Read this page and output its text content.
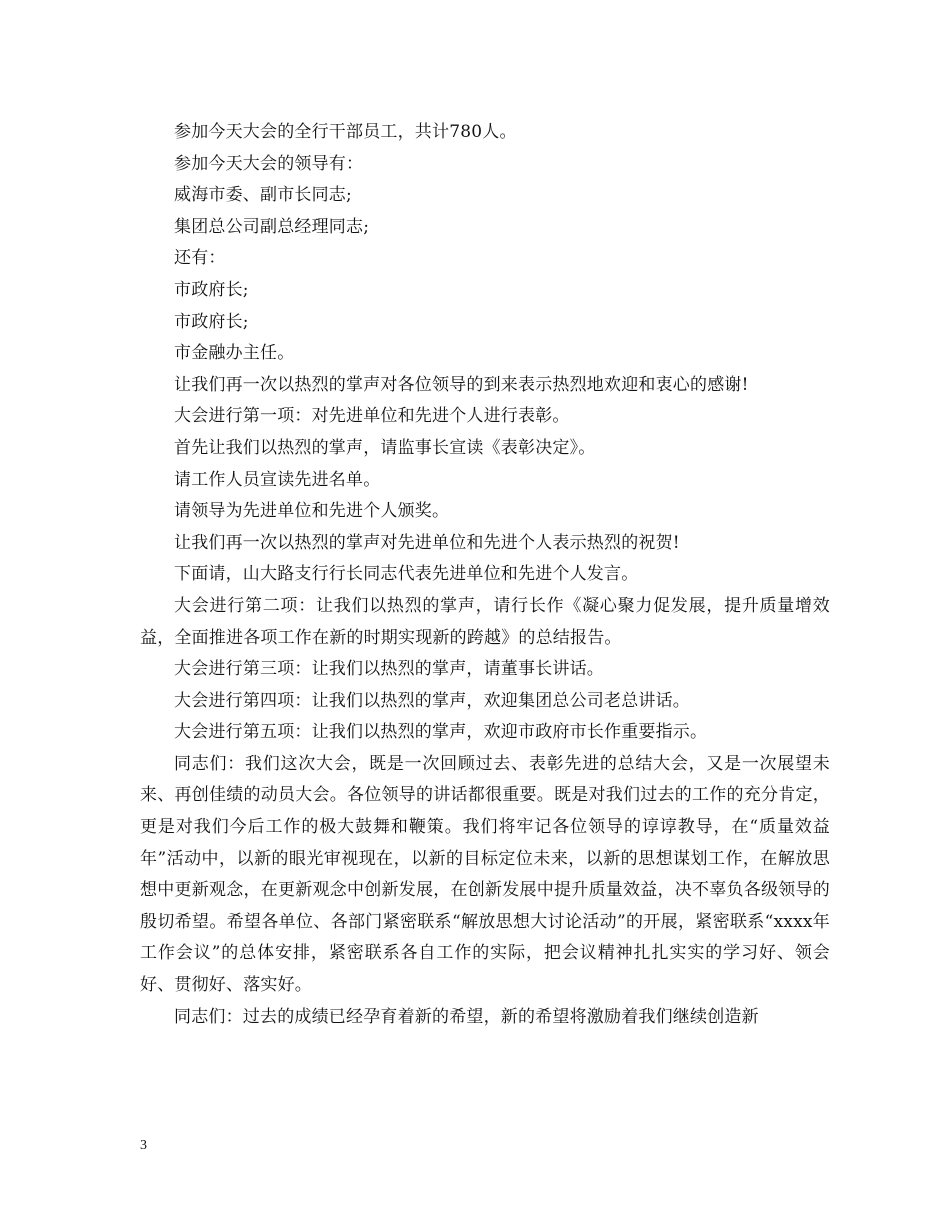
参加今天大会的全行干部员工，共计780人。

参加今天大会的领导有：

威海市委、副市长同志;

集团总公司副总经理同志;

还有：

市政府长;

市政府长;

市金融办主任。

让我们再一次以热烈的掌声对各位领导的到来表示热烈地欢迎和衷心的感谢!

大会进行第一项：对先进单位和先进个人进行表彰。

首先让我们以热烈的掌声，请监事长宣读《表彰决定》。

请工作人员宣读先进名单。

请领导为先进单位和先进个人颁奖。

让我们再一次以热烈的掌声对先进单位和先进个人表示热烈的祝贺!

下面请，山大路支行行长同志代表先进单位和先进个人发言。

大会进行第二项：让我们以热烈的掌声，请行长作《凝心聚力促发展，提升质量增效益，全面推进各项工作在新的时期实现新的跨越》的总结报告。

大会进行第三项：让我们以热烈的掌声，请董事长讲话。

大会进行第四项：让我们以热烈的掌声，欢迎集团总公司老总讲话。

大会进行第五项：让我们以热烈的掌声，欢迎市政府市长作重要指示。

同志们：我们这次大会，既是一次回顾过去、表彰先进的总结大会，又是一次展望未来、再创佳绩的动员大会。各位领导的讲话都很重要。既是对我们过去的工作的充分肯定，更是对我们今后工作的极大鼓舞和鞭策。我们将牢记各位领导的谆谆教导，在“质量效益年”活动中，以新的眼光审视现在，以新的目标定位未来，以新的思想谋划工作，在解放思想中更新观念，在更新观念中创新发展，在创新发展中提升质量效益，决不辜负各级领导的殷切希望。希望各单位、各部门紧密联系“解放思想大讨论活动”的开展，紧密联系“xxxx年工作会议”的总体安排，紧密联系各自工作的实际，把会议精神扎扎实实的学习好、领会好、贯彻好、落实好。

同志们：过去的成绩已经孕育着新的希望，新的希望将激励着我们继续创造新

3
